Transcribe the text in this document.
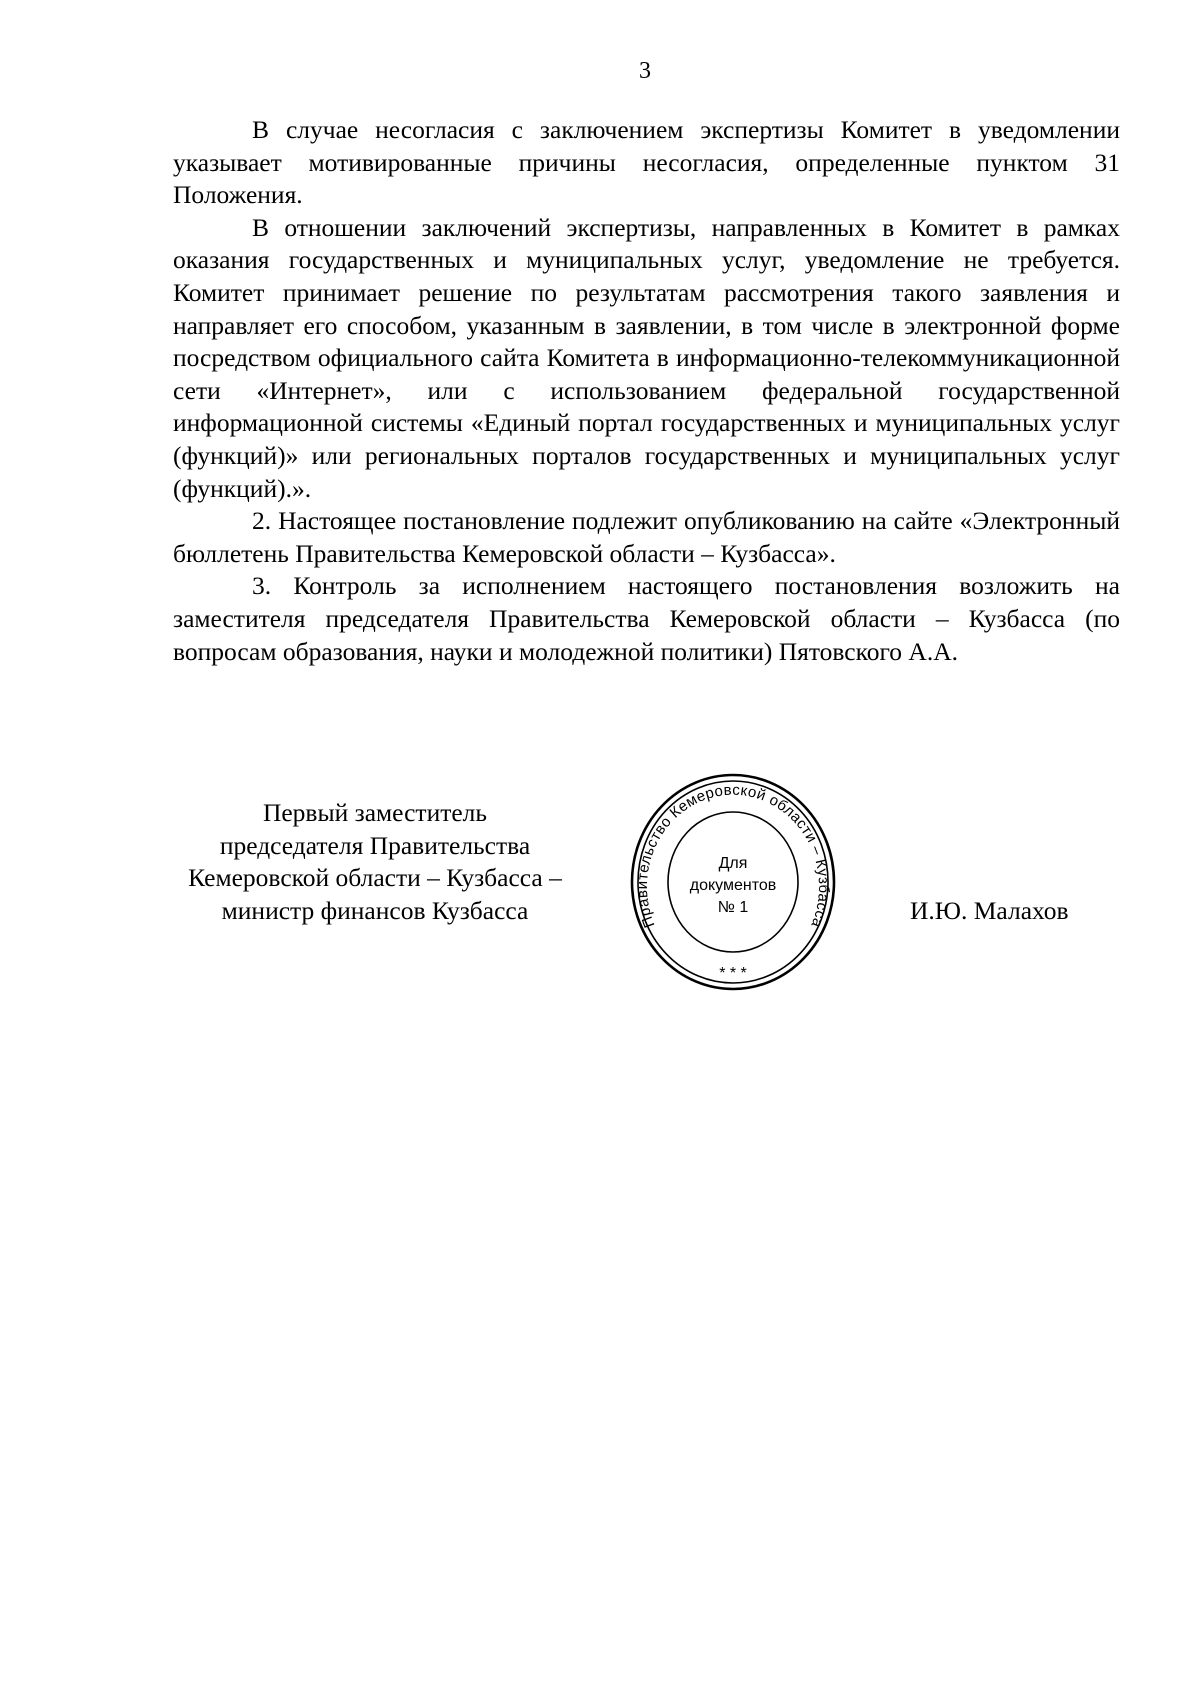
3

В случае несогласия с заключением экспертизы Комитет в уведомлении указывает мотивированные причины несогласия, определенные пунктом 31 Положения.

В отношении заключений экспертизы, направленных в Комитет в рамках оказания государственных и муниципальных услуг, уведомление не требуется. Комитет принимает решение по результатам рассмотрения такого заявления и направляет его способом, указанным в заявлении, в том числе в электронной форме посредством официального сайта Комитета в информационно-телекоммуникационной сети «Интернет», или с использованием федеральной государственной информационной системы «Единый портал государственных и муниципальных услуг (функций)» или региональных порталов государственных и муниципальных услуг (функций).».

2. Настоящее постановление подлежит опубликованию на сайте «Электронный бюллетень Правительства Кемеровской области – Кузбасса».

3. Контроль за исполнением настоящего постановления возложить на заместителя председателя Правительства Кемеровской области – Кузбасса (по вопросам образования, науки и молодежной политики) Пятовского А.А.

Первый заместитель
председателя Правительства
Кемеровской области – Кузбасса –
министр финансов Кузбасса	Правительство Кемеровской области – Кузбасса
* * *
Для
документов
№ 1	И.Ю. Малахов
